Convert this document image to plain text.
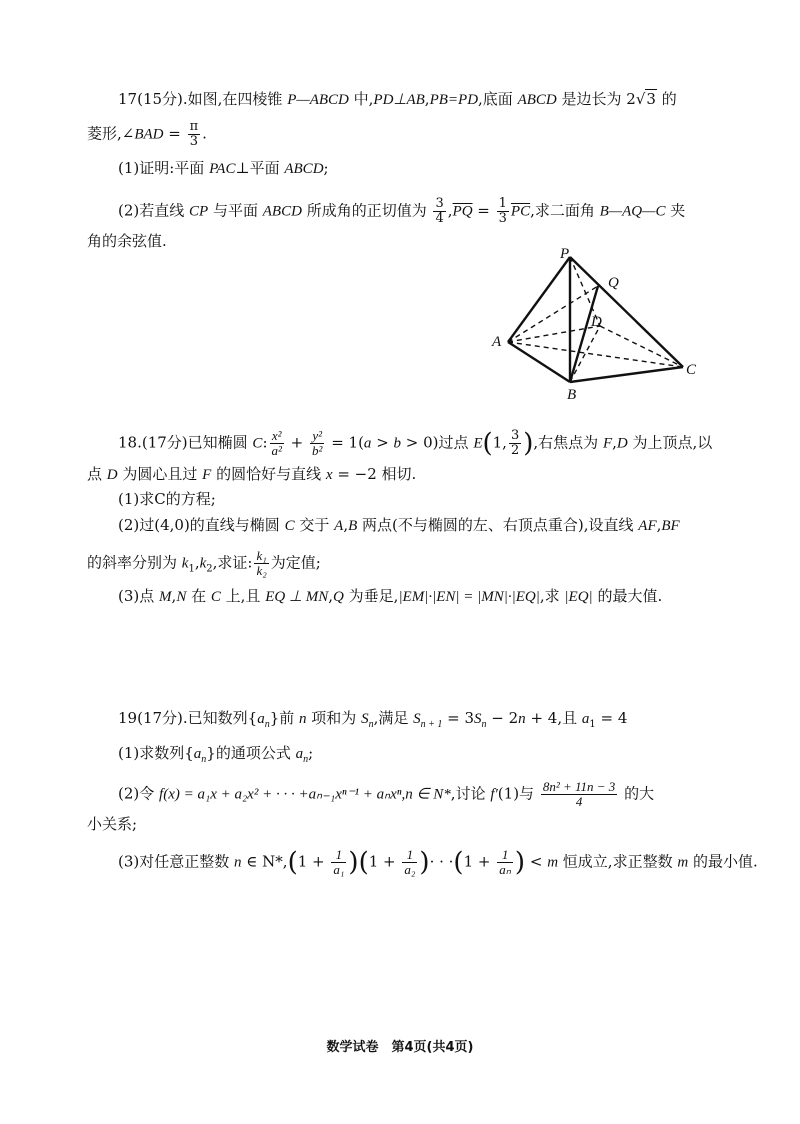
17(15分).如图,在四棱锥 P—ABCD 中,PD⊥AB,PB=PD,底面 ABCD 是边长为 2√3 的
菱形,∠BAD = $\frac{\pi}{3}$ .
(1)证明:平面 PAC⊥平面 ABCD;
(2)若直线 CP 与平面 ABCD 所成角的正切值为 $\frac{3}{4} ,\overline{PQ} = \frac{1}{3} \overline{PC}$,求二面角 B—AQ—C 夹
角的余弦值.
P
Q
D
A
B
C
18.(17分)已知椭圆 C: $\frac{\text{x²}}{\text{a²}} + \frac{\text{y²}}{\text{b²}} = 1(a > b > 0)$过点 E(1, $\frac{3}{2}$ ),右焦点为 F,D 为上顶点,以
点 D 为圆心且过 F 的圆恰好与直线 x = −2 相切.
(1)求C的方程;
(2)过(4,0)的直线与椭圆 C 交于 A,B 两点(不与椭圆的左、右顶点重合),设直线 AF,BF
的斜率分别为 $k_1,k_2$,求证: $\frac{\text{k₁}}{\text{k₂}}$ 为定值;
(3)点 M,N 在 C 上,且 EQ ⊥ MN,Q 为垂足,|EM|·|EN| = |MN|·|EQ|,求 |EQ| 的最大值.
19(17分).已知数列$\{a_n\}$前 n 项和为 $S_n$,满足 $S_{n + 1} = 3S_n - 2n + 4$,且 $a_1 = 4$
(1)求数列$\{a_n\}$的通项公式 $a_n$;
(2)令 f(x) = a₁x + a₂x² + · · · +aₙ₋₁xⁿ⁻¹ + aₙxⁿ,n ∈ N*,讨论 f′(1)与 $\frac{\text{8n² + 11n − 3}}{4}$ 的大
小关系;
(3)对任意正整数 n ∈ $N*,(1 + \frac{1}{\text{a₁}} )(1 + \frac{1}{\text{a₂}}$ )· · $\cdot(1 + \frac{1}{\text{aₙ}}$ ) < m 恒成立,求正整数 m 的最小值.
数学试卷　第4页(共4页)
